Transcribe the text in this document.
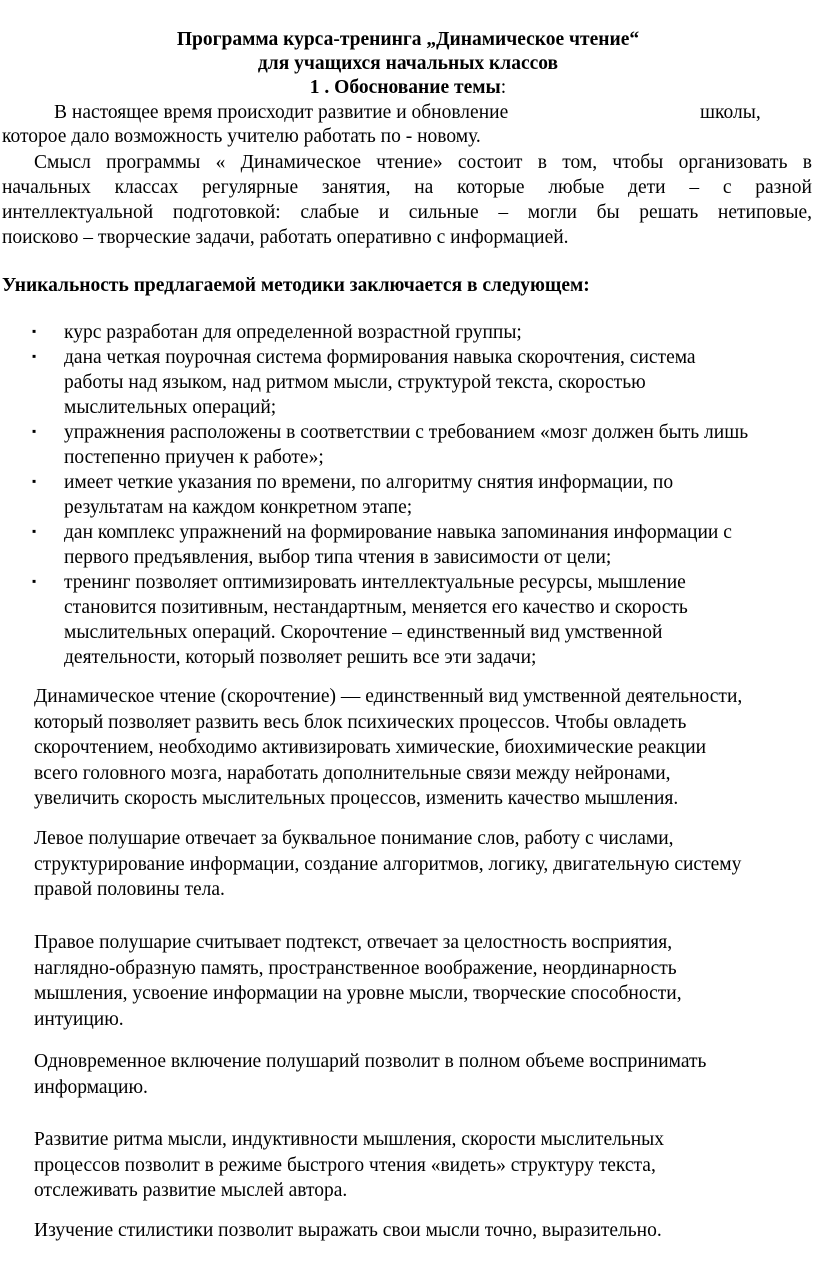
Программа курса-тренинга „Динамическое чтение“
для учащихся начальных классов
1 . Обоснование темы:
В настоящее время происходит развитие и обновление	школы,
которое дало возможность учителю работать по - новому.
Смысл программы « Динамическое чтение» состоит в том, чтобы организовать в
начальных классах регулярные занятия, на которые любые дети – с разной
интеллектуальной подготовкой: слабые и сильные – могли бы решать нетиповые,
поисково – творческие задачи, работать оперативно с информацией.
Уникальность предлагаемой методики заключается в следующем:
▪ курс разработан для определенной возрастной группы;
▪ дана четкая поурочная система формирования навыка скорочтения, система
работы над языком, над ритмом мысли, структурой текста, скоростью
мыслительных операций;
▪ упражнения расположены в соответствии с требованием «мозг должен быть лишь
постепенно приучен к работе»;
▪ имеет четкие указания по времени, по алгоритму снятия информации, по
результатам на каждом конкретном этапе;
▪ дан комплекс упражнений на формирование навыка запоминания информации с
первого предъявления, выбор типа чтения в зависимости от цели;
▪ тренинг позволяет оптимизировать интеллектуальные ресурсы, мышление
становится позитивным, нестандартным, меняется его качество и скорость
мыслительных операций. Скорочтение – единственный вид умственной
деятельности, который позволяет решить все эти задачи;
Динамическое чтение (скорочтение) — единственный вид умственной деятельности,
который позволяет развить весь блок психических процессов. Чтобы овладеть
скорочтением, необходимо активизировать химические, биохимические реакции
всего головного мозга, наработать дополнительные связи между нейронами,
увеличить скорость мыслительных процессов, изменить качество мышления.
Левое полушарие отвечает за буквальное понимание слов, работу с числами,
структурирование информации, создание алгоритмов, логику, двигательную систему
правой половины тела.
Правое полушарие считывает подтекст, отвечает за целостность восприятия,
наглядно-образную память, пространственное воображение, неординарность
мышления, усвоение информации на уровне мысли, творческие способности,
интуицию.
Одновременное включение полушарий позволит в полном объеме воспринимать
информацию.
Развитие ритма мысли, индуктивности мышления, скорости мыслительных
процессов позволит в режиме быстрого чтения «видеть» структуру текста,
отслеживать развитие мыслей автора.
Изучение стилистики позволит выражать свои мысли точно, выразительно.
